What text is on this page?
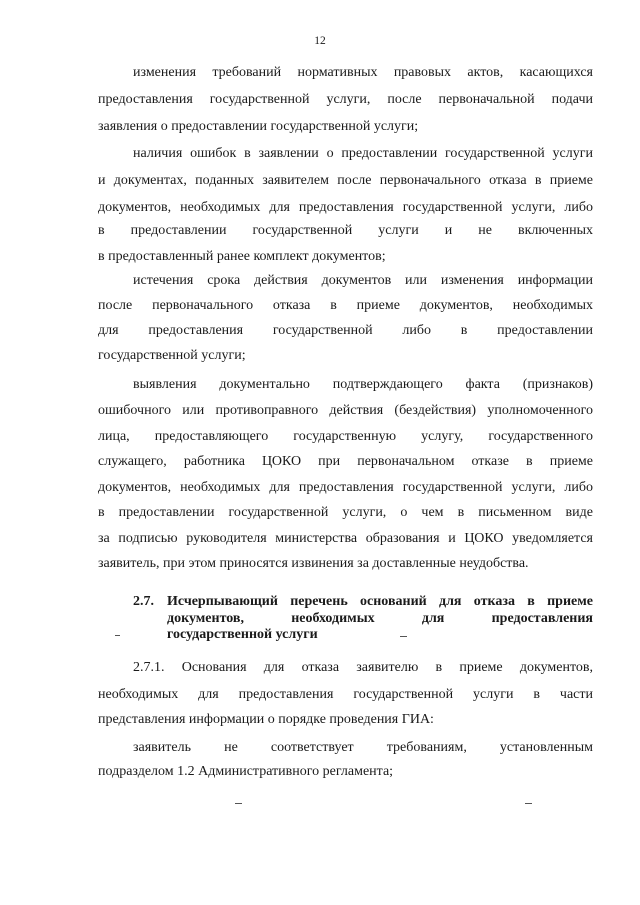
12
изменения требований нормативных правовых актов, касающихся
предоставления государственной услуги, после первоначальной подачи
заявления о предоставлении государственной услуги;
наличия ошибок в заявлении о предоставлении государственной услуги
и документах, поданных заявителем после первоначального отказа в приеме
документов, необходимых для предоставления государственной услуги, либо
в предоставлении государственной услуги и не включенных
в предоставленный ранее комплект документов;
истечения срока действия документов или изменения информации
после первоначального отказа в приеме документов, необходимых
для предоставления государственной либо в предоставлении
государственной услуги;
выявления документально подтверждающего факта (признаков)
ошибочного или противоправного действия (бездействия) уполномоченного
лица, предоставляющего государственную услугу, государственного
служащего, работника ЦОКО при первоначальном отказе в приеме
документов, необходимых для предоставления государственной услуги, либо
в предоставлении государственной услуги, о чем в письменном виде
за подписью руководителя министерства образования и ЦОКО уведомляется
заявитель, при этом приносятся извинения за доставленные неудобства.
2.7. Исчерпывающий перечень оснований для отказа в приеме
документов, необходимых для предоставления
государственной услуги
2.7.1. Основания для отказа заявителю в приеме документов,
необходимых для предоставления государственной услуги в части
представления информации о порядке проведения ГИА:
заявитель не соответствует требованиям, установленным
подразделом 1.2 Административного регламента;
